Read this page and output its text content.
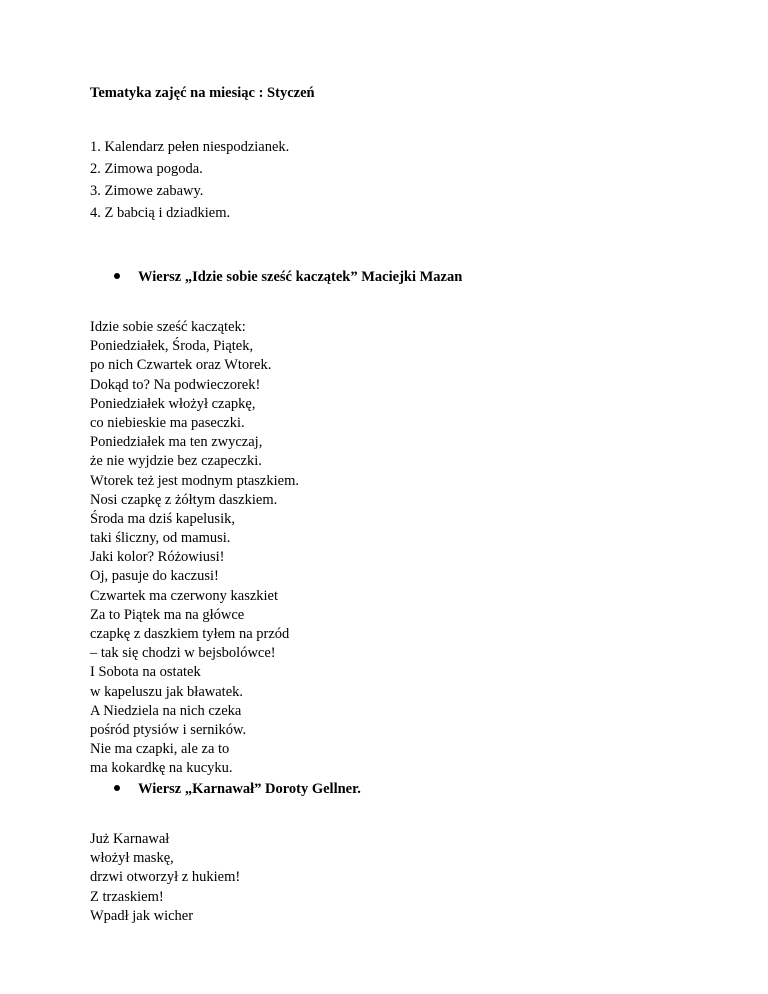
Tematyka zajęć na miesiąc : Styczeń

1. Kalendarz pełen niespodzianek.
2. Zimowa pogoda.
3. Zimowe zabawy.
4. Z babcią i dziadkiem.
Wiersz „Idzie sobie sześć kaczątek” Maciejki Mazan
Idzie sobie sześć kaczątek:
Poniedziałek, Środa, Piątek,
po nich Czwartek oraz Wtorek.
Dokąd to? Na podwieczorek!
Poniedziałek włożył czapkę,
co niebieskie ma paseczki.
Poniedziałek ma ten zwyczaj,
że nie wyjdzie bez czapeczki.
Wtorek też jest modnym ptaszkiem.
Nosi czapkę z żółtym daszkiem.
Środa ma dziś kapelusik,
taki śliczny, od mamusi.
Jaki kolor? Różowiusi!
Oj, pasuje do kaczusi!
Czwartek ma czerwony kaszkiet
Za to Piątek ma na główce
czapkę z daszkiem tyłem na przód
– tak się chodzi w bejsbolówce!
I Sobota na ostatek
w kapeluszu jak bławatek.
A Niedziela na nich czeka
pośród ptysiów i serników.
Nie ma czapki, ale za to
ma kokardkę na kucyku.
Wiersz „Karnawał” Doroty Gellner.
Już Karnawał
włożył maskę,
drzwi otworzył z hukiem!
Z trzaskiem!
Wpadł jak wicher
